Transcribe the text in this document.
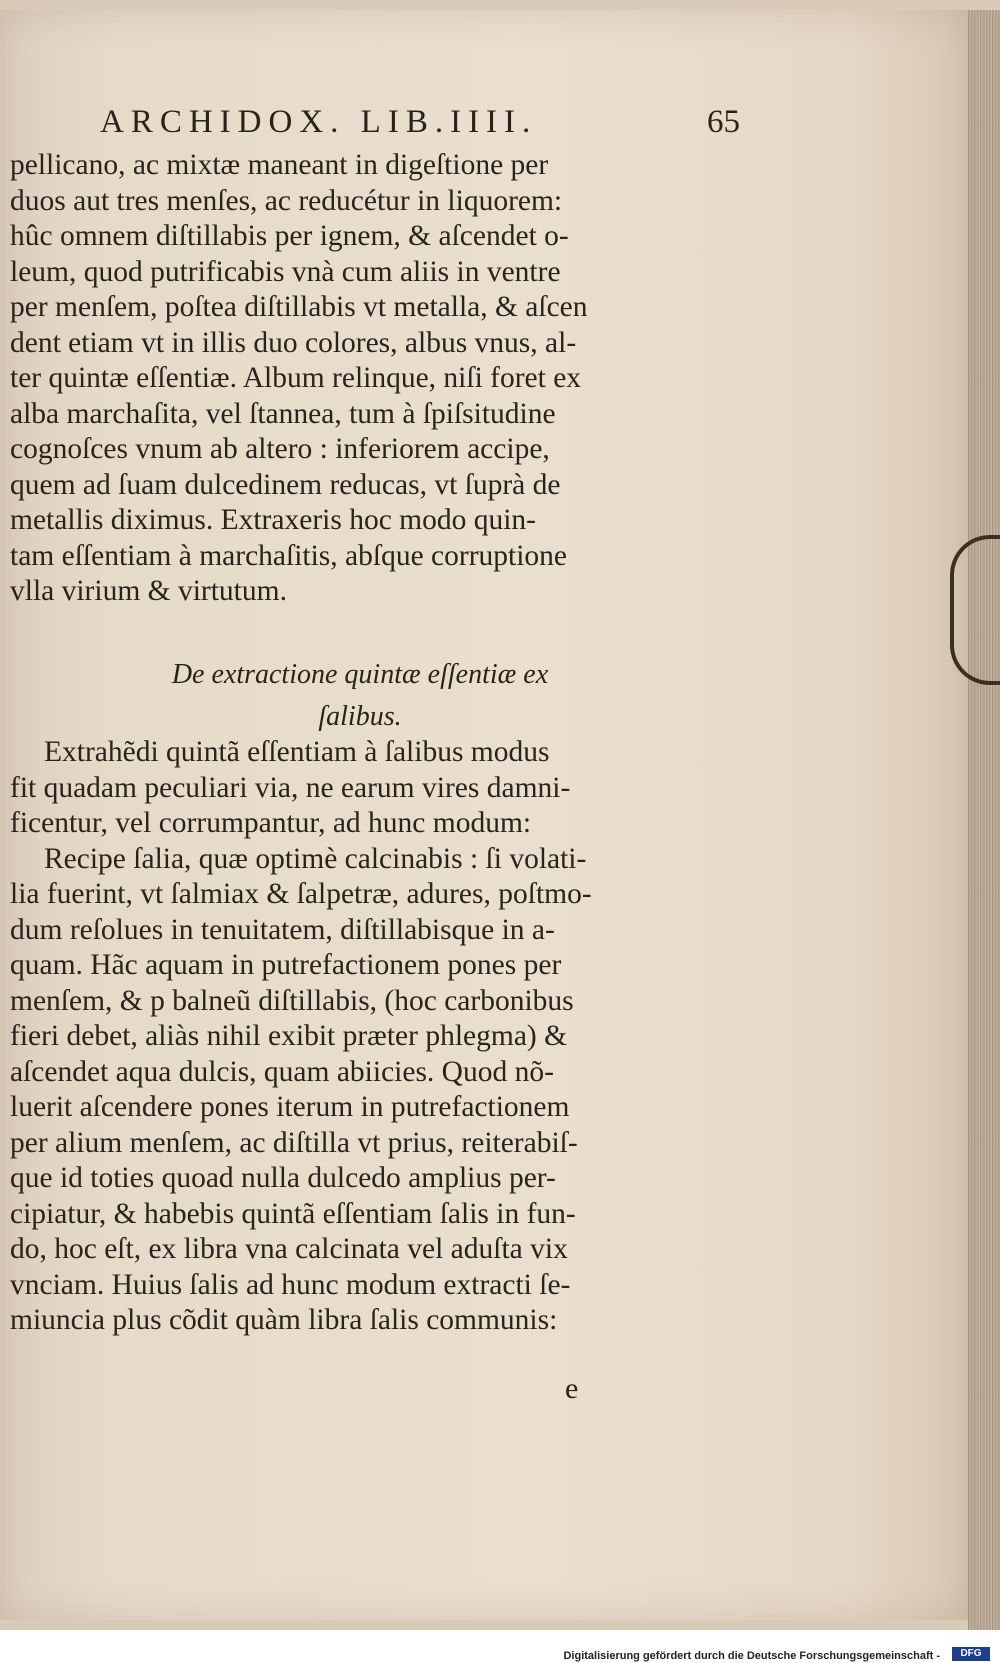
ARCHIDOX. LIB.IIII.	65
pellicano, ac mixtæ maneant in digeſtione per
duos aut tres menſes, ac reducétur in liquorem:
hûc omnem diſtillabis per ignem, & aſcendet o-
leum, quod putrificabis vnà cum aliis in ventre
per menſem, poſtea diſtillabis vt metalla, & aſcen
dent etiam vt in illis duo colores, albus vnus, al-
ter quintæ eſſentiæ. Album relinque, niſi foret ex
alba marchaſita, vel ſtannea, tum à ſpiſsitudine
cognoſces vnum ab altero : inferiorem accipe,
quem ad ſuam dulcedinem reducas, vt ſuprà de
metallis diximus. Extraxeris hoc modo quin-
tam eſſentiam à marchaſitis, abſque corruptione
vlla virium & virtutum.
De extractione quintæ eſſentiæ ex
ſalibus.
Extrahẽdi quintã eſſentiam à ſalibus modus
fit quadam peculiari via, ne earum vires damni-
ficentur, vel corrumpantur, ad hunc modum:
Recipe ſalia, quæ optimè calcinabis : ſi volati-
lia fuerint, vt ſalmiax & ſalpetræ, adures, poſtmo-
dum reſolues in tenuitatem, diſtillabisque in a-
quam. Hãc aquam in putrefactionem pones per
menſem, & p balneũ diſtillabis, (hoc carbonibus
fieri debet, aliàs nihil exibit præter phlegma) &
aſcendet aqua dulcis, quam abiicies. Quod nõ-
luerit aſcendere pones iterum in putrefactionem
per alium menſem, ac diſtilla vt prius, reiterabiſ-
que id toties quoad nulla dulcedo amplius per-
cipiatur, & habebis quintã eſſentiam ſalis in fun-
do, hoc eſt, ex libra vna calcinata vel aduſta vix
vnciam. Huius ſalis ad hunc modum extracti ſe-
miuncia plus cõdit quàm libra ſalis communis:
e
Digitalisierung gefördert durch die Deutsche Forschungsgemeinschaft -	DFG
